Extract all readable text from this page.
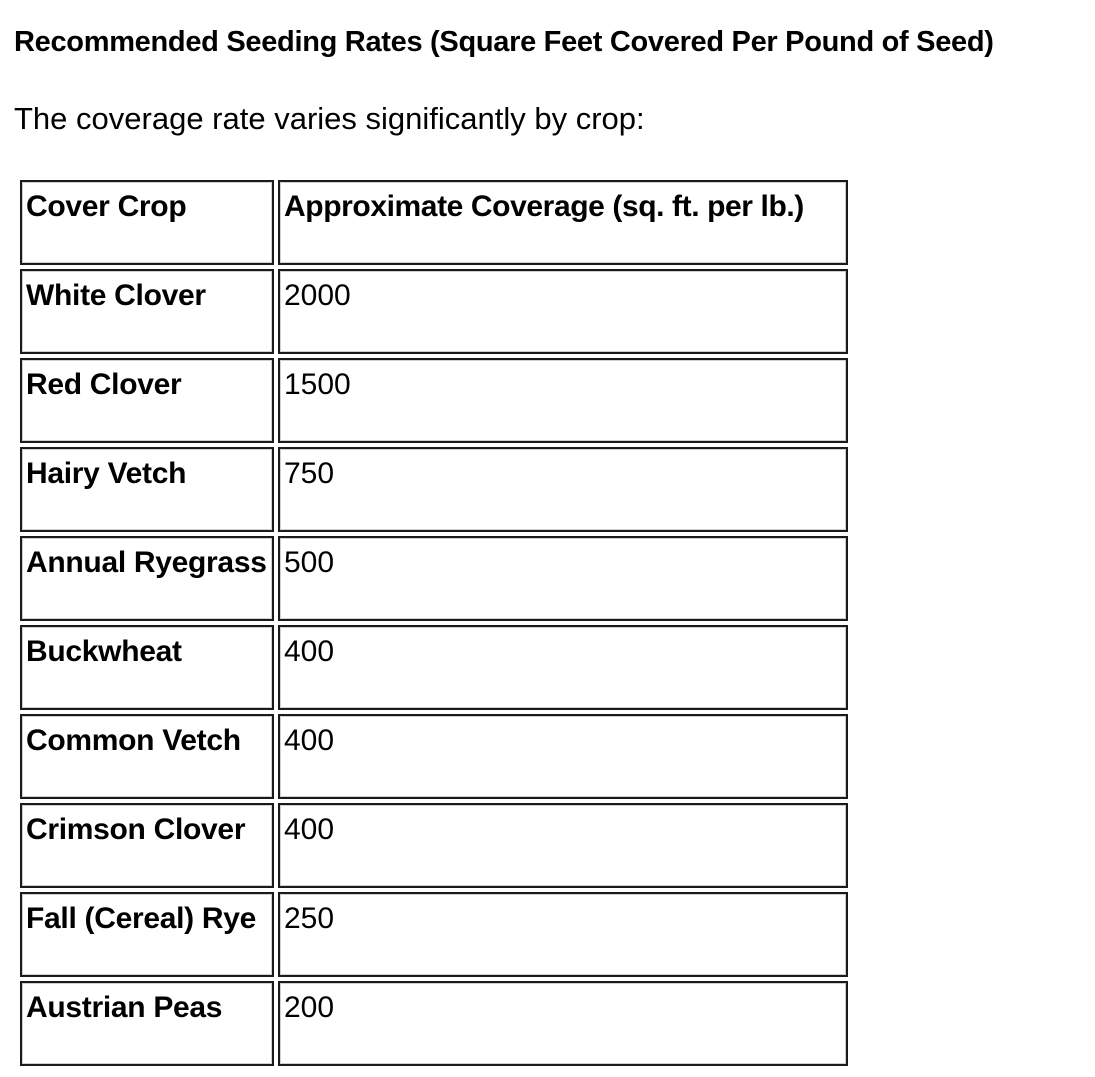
Recommended Seeding Rates (Square Feet Covered Per Pound of Seed)

The coverage rate varies significantly by crop:

Cover Crop	Approximate Coverage (sq. ft. per lb.)
White Clover	2000
Red Clover	1500
Hairy Vetch	750
Annual Ryegrass	500
Buckwheat	400
Common Vetch	400
Crimson Clover	400
Fall (Cereal) Rye	250
Austrian Peas	200
